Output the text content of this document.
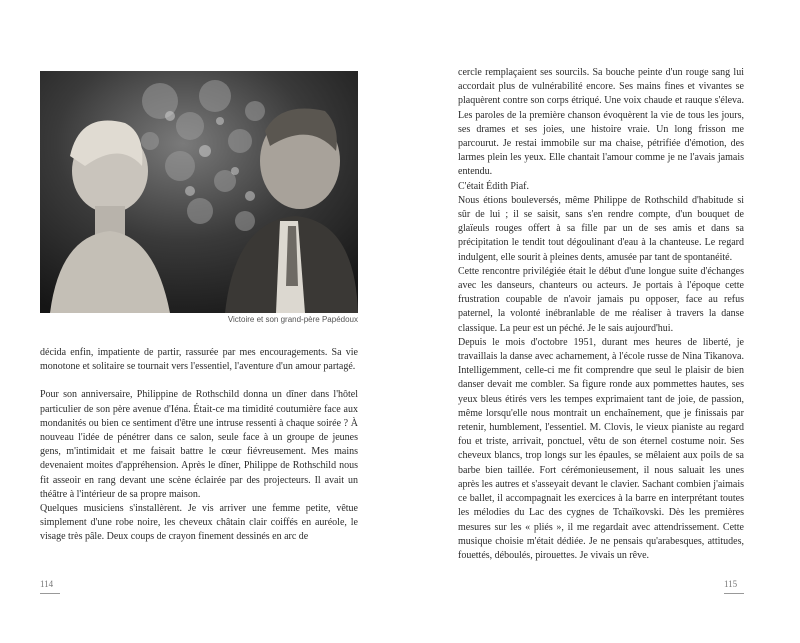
Victoire et son grand-père Papédoux

décida enfin, impatiente de partir, rassurée par mes encouragements. Sa vie monotone et solitaire se tournait vers l'essentiel, l'aventure d'un amour partagé.

Pour son anniversaire, Philippine de Rothschild donna un dîner dans l'hôtel particulier de son père avenue d'Iéna. Était-ce ma timidité coutumière face aux mondanités ou bien ce sentiment d'être une intruse ressenti à chaque soirée ? À nouveau l'idée de pénétrer dans ce salon, seule face à un groupe de jeunes gens, m'intimidait et me faisait battre le cœur fiévreusement. Mes mains devenaient moites d'appréhension. Après le dîner, Philippe de Rothschild nous fit asseoir en rang devant une scène éclairée par des projecteurs. Il avait un théâtre à l'intérieur de sa propre maison.

Quelques musiciens s'installèrent. Je vis arriver une femme petite, vêtue simplement d'une robe noire, les cheveux châtain clair coiffés en auréole, le visage très pâle. Deux coups de crayon finement dessinés en arc de

114

cercle remplaçaient ses sourcils. Sa bouche peinte d'un rouge sang lui accordait plus de vulnérabilité encore. Ses mains fines et vivantes se plaquèrent contre son corps étriqué. Une voix chaude et rauque s'éleva. Les paroles de la première chanson évoquèrent la vie de tous les jours, ses drames et ses joies, une histoire vraie. Un long frisson me parcourut. Je restai immobile sur ma chaise, pétrifiée d'émotion, des larmes plein les yeux. Elle chantait l'amour comme je ne l'avais jamais entendu.

C'était Édith Piaf.

Nous étions bouleversés, même Philippe de Rothschild d'habitude si sûr de lui ; il se saisit, sans s'en rendre compte, d'un bouquet de glaïeuls rouges offert à sa fille par un de ses amis et dans sa précipitation le tendit tout dégoulinant d'eau à la chanteuse. Le regard indulgent, elle sourit à pleines dents, amusée par tant de spontanéité.

Cette rencontre privilégiée était le début d'une longue suite d'échanges avec les danseurs, chanteurs ou acteurs. Je portais à l'époque cette frustration coupable de n'avoir jamais pu opposer, face au refus paternel, la volonté inébranlable de me réaliser à travers la danse classique. La peur est un péché. Je le sais aujourd'hui.

Depuis le mois d'octobre 1951, durant mes heures de liberté, je travaillais la danse avec acharnement, à l'école russe de Nina Tikanova. Intelligemment, celle-ci me fit comprendre que seul le plaisir de bien danser devait me combler. Sa figure ronde aux pommettes hautes, ses yeux bleus étirés vers les tempes exprimaient tant de joie, de passion, même lorsqu'elle nous montrait un enchaînement, que je finissais par retenir, humblement, l'essentiel. M. Clovis, le vieux pianiste au regard fou et triste, arrivait, ponctuel, vêtu de son éternel costume noir. Ses cheveux blancs, trop longs sur les épaules, se mêlaient aux poils de sa barbe bien taillée. Fort cérémonieusement, il nous saluait les unes après les autres et s'asseyait devant le clavier. Sachant combien j'aimais ce ballet, il accompagnait les exercices à la barre en interprétant toutes les mélodies du Lac des cygnes de Tchaïkovski. Dès les premières mesures sur les « pliés », il me regardait avec attendrissement. Cette musique choisie m'était dédiée. Je ne pensais qu'arabesques, attitudes, fouettés, déboulés, pirouettes. Je vivais un rêve.

115
